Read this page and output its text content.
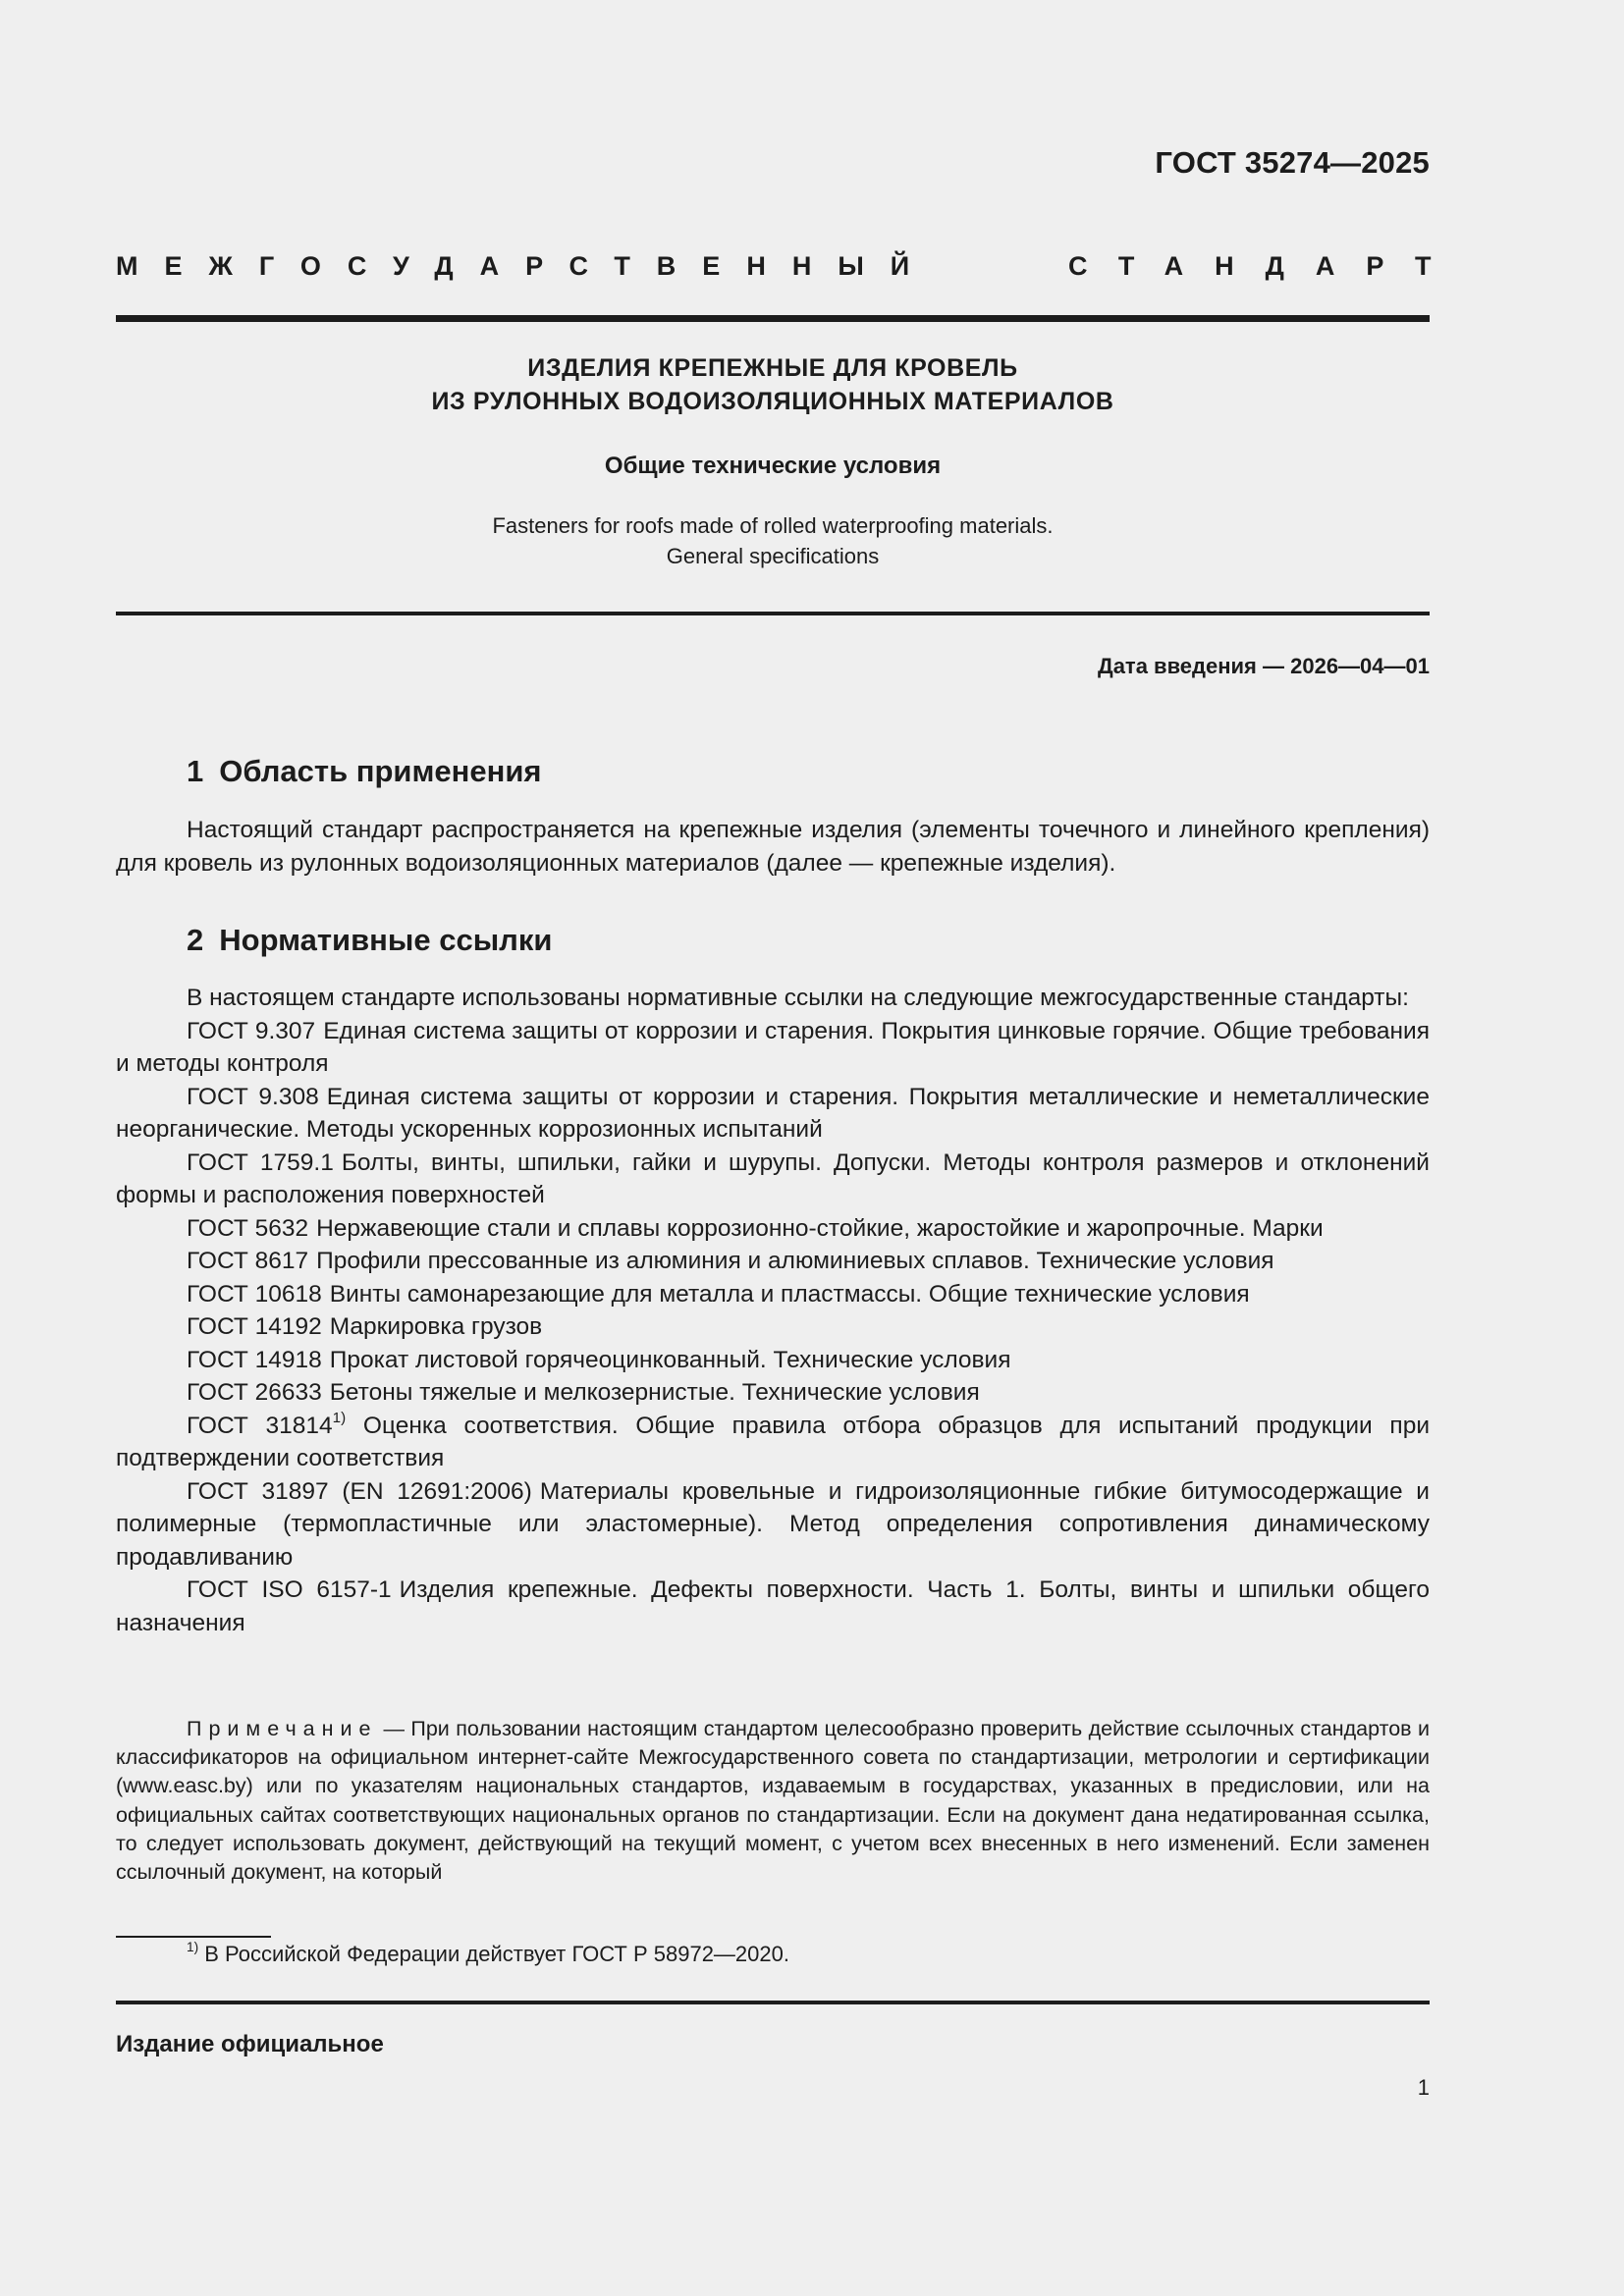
ГОСТ 35274—2025
МЕЖГОСУДАРСТВЕННЫЙ	СТАНДАРТ
ИЗДЕЛИЯ КРЕПЕЖНЫЕ ДЛЯ КРОВЕЛЬ
ИЗ РУЛОННЫХ ВОДОИЗОЛЯЦИОННЫХ МАТЕРИАЛОВ
Общие технические условия
Fasteners for roofs made of rolled waterproofing materials.
General specifications
Дата введения — 2026—04—01
1 Область применения

Настоящий стандарт распространяется на крепежные изделия (элементы точечного и линейного крепления) для кровель из рулонных водоизоляционных материалов (далее — крепежные изделия).

2 Нормативные ссылки

В настоящем стандарте использованы нормативные ссылки на следующие межгосударственные стандарты:

ГОСТ 9.307 Единая система защиты от коррозии и старения. Покрытия цинковые горячие. Общие требования и методы контроля

ГОСТ 9.308 Единая система защиты от коррозии и старения. Покрытия металлические и неметаллические неорганические. Методы ускоренных коррозионных испытаний

ГОСТ 1759.1 Болты, винты, шпильки, гайки и шурупы. Допуски. Методы контроля размеров и отклонений формы и расположения поверхностей

ГОСТ 5632 Нержавеющие стали и сплавы коррозионно-стойкие, жаростойкие и жаропрочные. Марки

ГОСТ 8617 Профили прессованные из алюминия и алюминиевых сплавов. Технические условия

ГОСТ 10618 Винты самонарезающие для металла и пластмассы. Общие технические условия

ГОСТ 14192 Маркировка грузов

ГОСТ 14918 Прокат листовой горячеоцинкованный. Технические условия

ГОСТ 26633 Бетоны тяжелые и мелкозернистые. Технические условия

ГОСТ 31814$^{1)}$ Оценка соответствия. Общие правила отбора образцов для испытаний продукции при подтверждении соответствия

ГОСТ 31897 (EN 12691:2006) Материалы кровельные и гидроизоляционные гибкие битумосодержащие и полимерные (термопластичные или эластомерные). Метод определения сопротивления динамическому продавливанию

ГОСТ ISO 6157-1 Изделия крепежные. Дефекты поверхности. Часть 1. Болты, винты и шпильки общего назначения

Примечание — При пользовании настоящим стандартом целесообразно проверить действие ссылочных стандартов и классификаторов на официальном интернет-сайте Межгосударственного совета по стандартизации, метрологии и сертификации (www.easc.by) или по указателям национальных стандартов, издаваемым в государствах, указанных в предисловии, или на официальных сайтах соответствующих национальных органов по стандартизации. Если на документ дана недатированная ссылка, то следует использовать документ, действующий на текущий момент, с учетом всех внесенных в него изменений. Если заменен ссылочный документ, на который
$^{1)}$ В Российской Федерации действует ГОСТ Р 58972—2020.
Издание официальное
1
